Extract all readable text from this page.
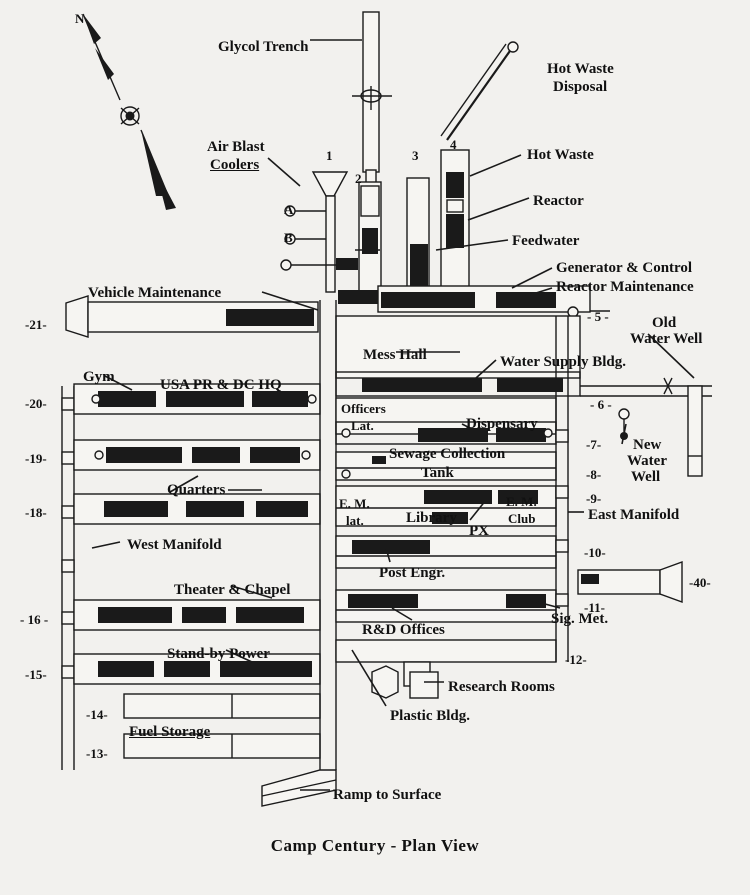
Glycol Trench
Hot Waste
Disposal
Air Blast
Coolers
Hot Waste
Reactor
Feedwater
Generator & Control
Reactor Maintenance
Vehicle Maintenance
Old
Water Well
Mess Hall	Water Supply Bldg.
Gym	USA PR & DC HQ
Officers
Lat.	Dispensary
New
Water
Well
Sewage Collection
Tank
Quarters
E. M.
lat.	Library
E. M.
Club
PX
East Manifold
West Manifold
Post Engr.
Theater & Chapel
Sig. Met.
R&D Offices
Stand-by Power
Research Rooms
Fuel Storage
Plastic Bldg.
Ramp to Surface
1
2
3
4
A
B
-21-
-20-
-19-
-18-
- 16 -
-15-
-14-
-13-
- 5 -
- 6 -
-7-
-8-
-9-
-10-
-11-
-12-
-40-
N
Camp Century - Plan View
